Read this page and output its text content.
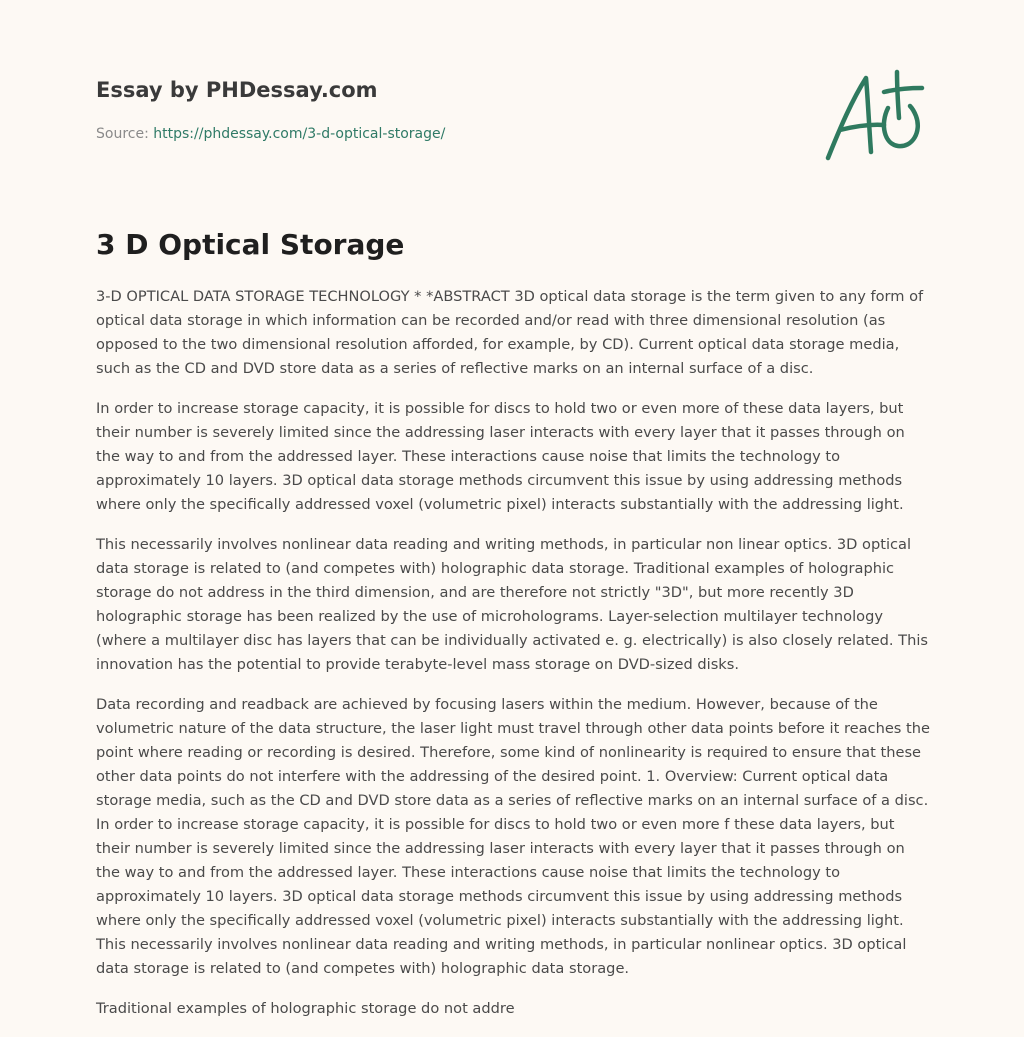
Essay by PHDessay.com
Source: https://phdessay.com/3-d-optical-storage/
3 D Optical Storage

3-D OPTICAL DATA STORAGE TECHNOLOGY * *ABSTRACT 3D optical data storage is the term given to any form of optical data storage in which information can be recorded and/or read with three dimensional resolution (as opposed to the two dimensional resolution afforded, for example, by CD). Current optical data storage media, such as the CD and DVD store data as a series of reflective marks on an internal surface of a disc.

In order to increase storage capacity, it is possible for discs to hold two or even more of these data layers, but their number is severely limited since the addressing laser interacts with every layer that it passes through on the way to and from the addressed layer. These interactions cause noise that limits the technology to approximately 10 layers. 3D optical data storage methods circumvent this issue by using addressing methods where only the specifically addressed voxel (volumetric pixel) interacts substantially with the addressing light.

This necessarily involves nonlinear data reading and writing methods, in particular non linear optics. 3D optical data storage is related to (and competes with) holographic data storage. Traditional examples of holographic storage do not address in the third dimension, and are therefore not strictly "3D", but more recently 3D holographic storage has been realized by the use of microholograms. Layer-selection multilayer technology (where a multilayer disc has layers that can be individually activated e. g. electrically) is also closely related. This innovation has the potential to provide terabyte-level mass storage on DVD-sized disks.

Data recording and readback are achieved by focusing lasers within the medium. However, because of the volumetric nature of the data structure, the laser light must travel through other data points before it reaches the point where reading or recording is desired. Therefore, some kind of nonlinearity is required to ensure that these other data points do not interfere with the addressing of the desired point. 1. Overview: Current optical data storage media, such as the CD and DVD store data as a series of reflective marks on an internal surface of a disc. In order to increase storage capacity, it is possible for discs to hold two or even more f these data layers, but their number is severely limited since the addressing laser interacts with every layer that it passes through on the way to and from the addressed layer. These interactions cause noise that limits the technology to approximately 10 layers. 3D optical data storage methods circumvent this issue by using addressing methods where only the specifically addressed voxel (volumetric pixel) interacts substantially with the addressing light. This necessarily involves nonlinear data reading and writing methods, in particular nonlinear optics. 3D optical data storage is related to (and competes with) holographic data storage.

Traditional examples of holographic storage do not addre
